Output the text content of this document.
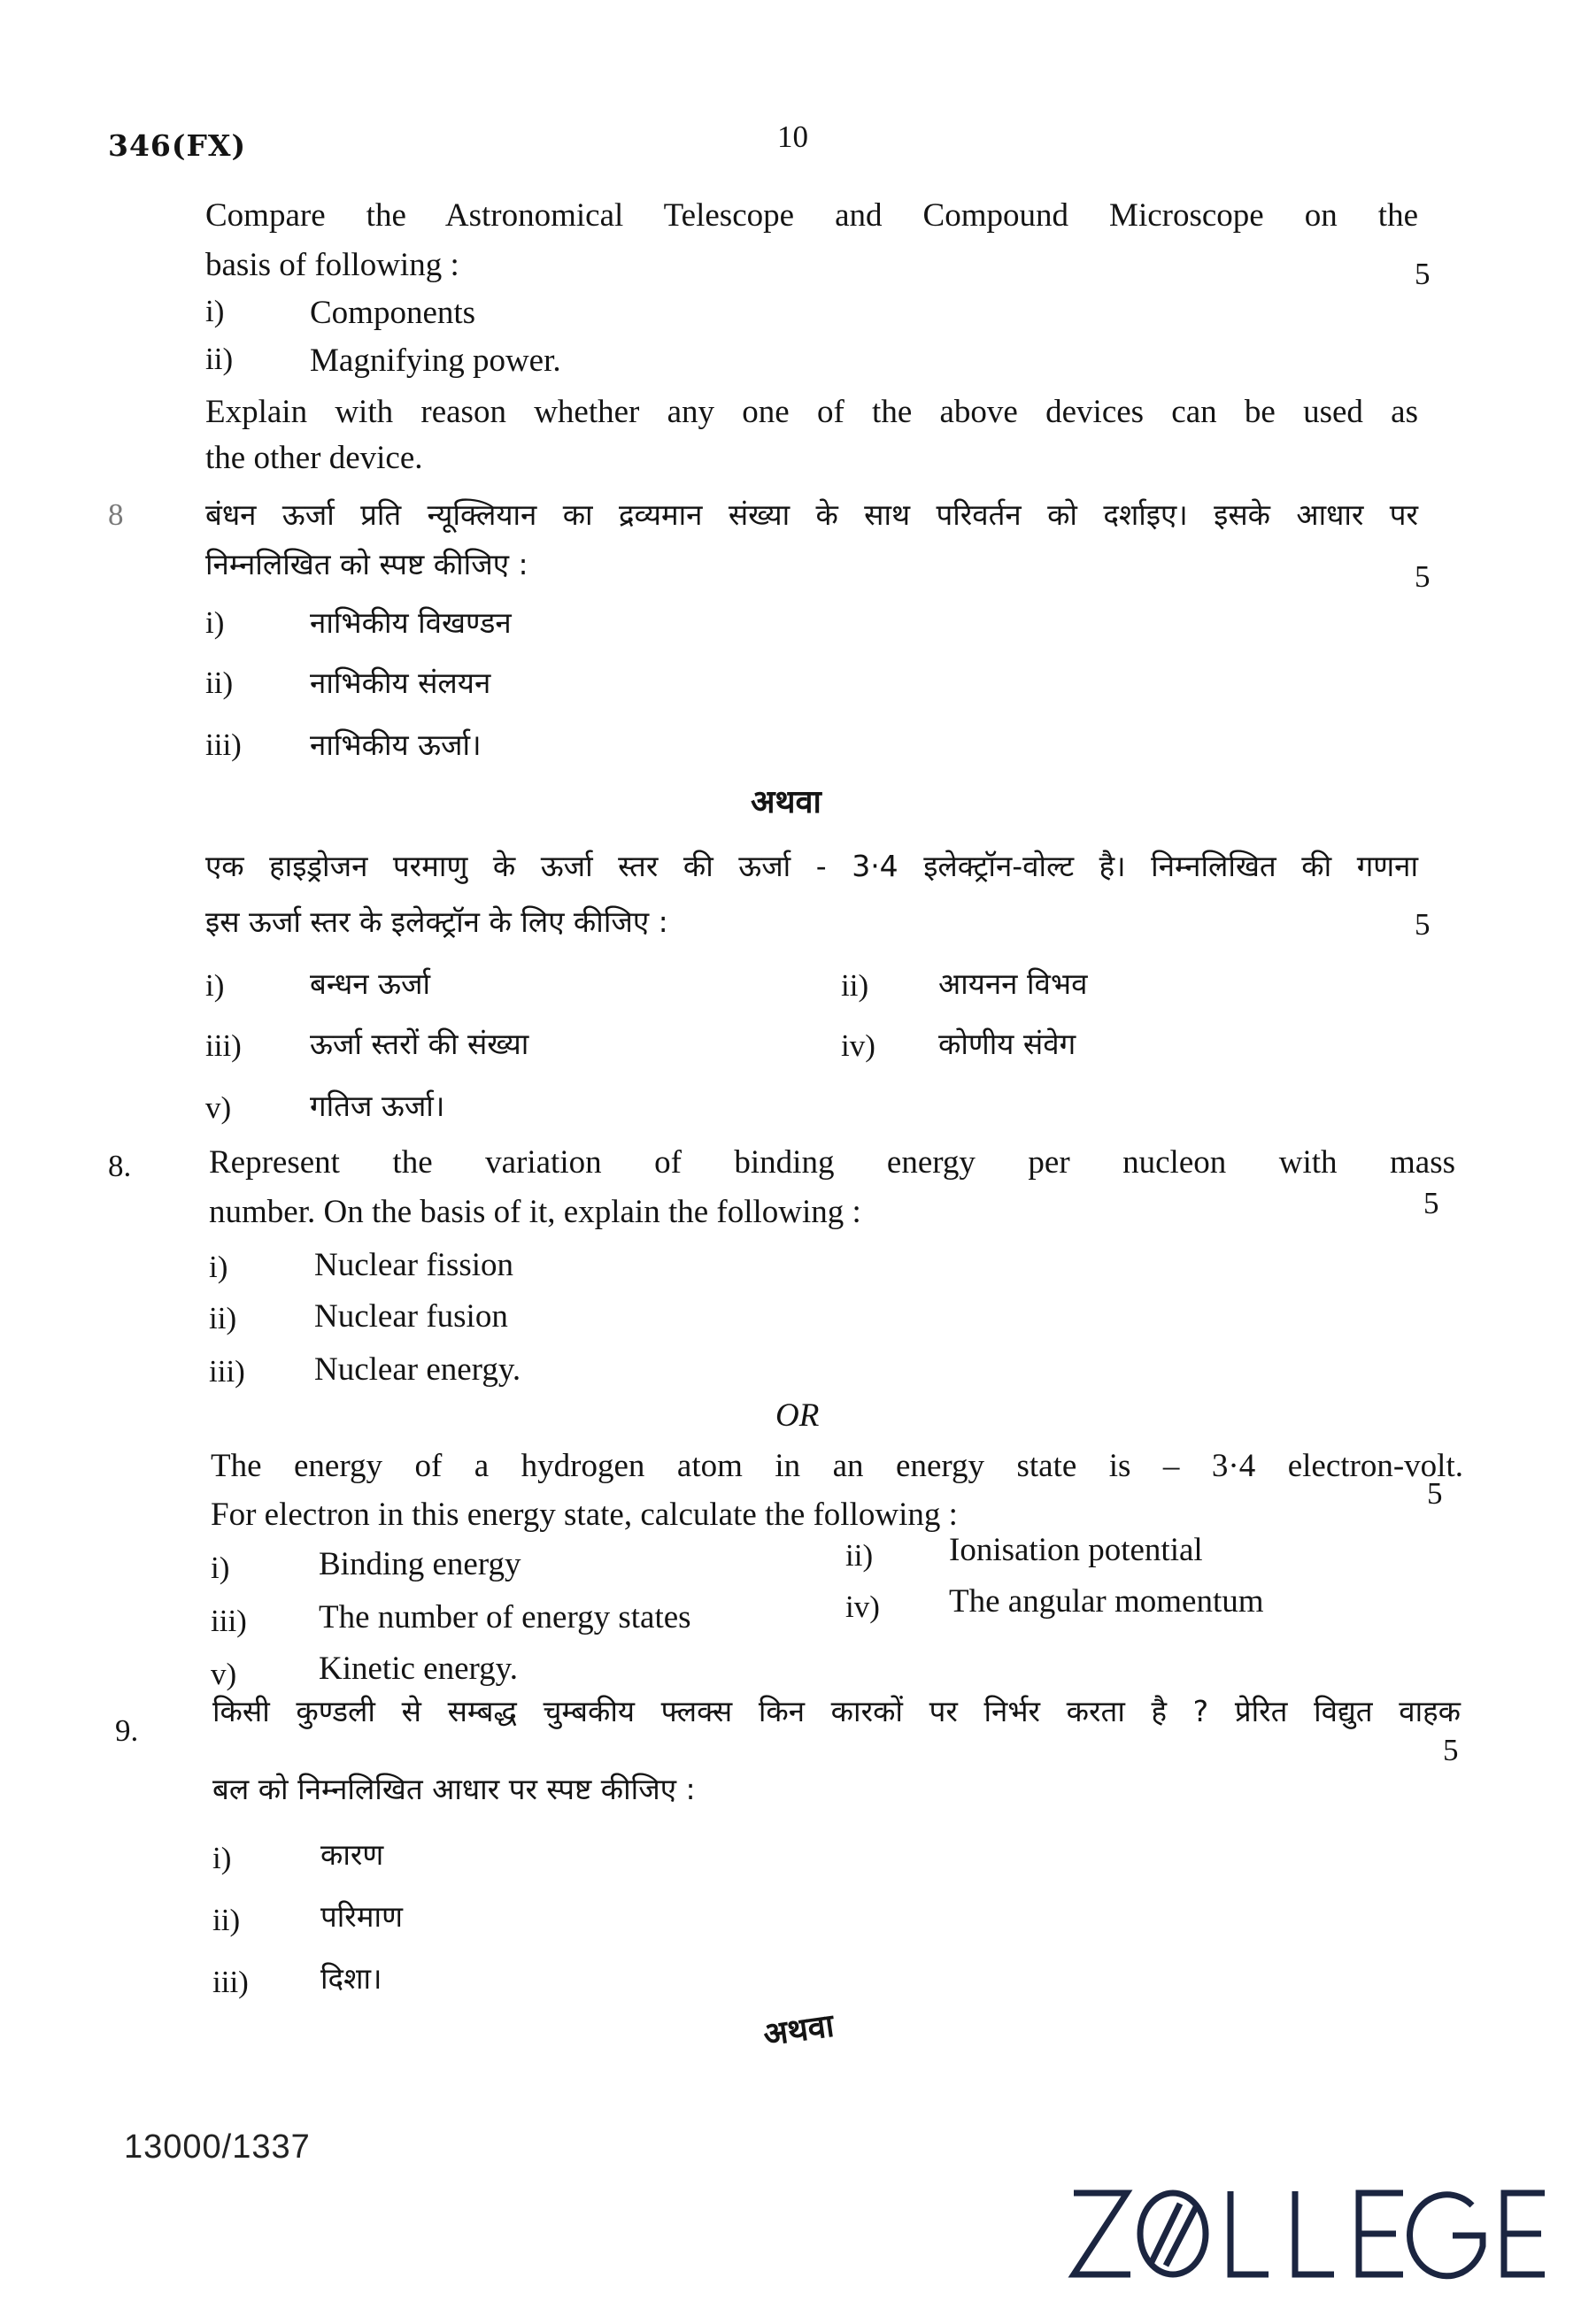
346(FX)	10
Compare the Astronomical Telescope and Compound Microscope on the
basis of following :	5
i)	Components
ii) Magnifying power.
Explain with reason whether any one of the above devices can be used as
the other device.
8	बंधन ऊर्जा प्रति न्यूक्लियान का द्रव्यमान संख्या के साथ परिवर्तन को दर्शाइए। इसके आधार पर
निम्नलिखित को स्पष्ट कीजिए :	5
i)	नाभिकीय विखण्डन
ii)	नाभिकीय संलयन
iii) नाभिकीय ऊर्जा।
अथवा
एक हाइड्रोजन परमाणु के ऊर्जा स्तर की ऊर्जा - 3·4 इलेक्ट्रॉन-वोल्ट है। निम्नलिखित की गणना
इस ऊर्जा स्तर के इलेक्ट्रॉन के लिए कीजिए :	5
i)	बन्धन ऊर्जा	ii) आयनन विभव
iii) ऊर्जा स्तरों की संख्या	iv) कोणीय संवेग
v)	गतिज ऊर्जा।
8. Represent the variation of binding energy per nucleon with mass
number. On the basis of it, explain the following :	5
i)	Nuclear fission
ii) Nuclear fusion
iii) Nuclear energy.
OR
The energy of a hydrogen atom in an energy state is – 3·4 electron-volt.
For electron in this energy state, calculate the following :
5
i)	Binding energy	ii) Ionisation potential
iii) The number of energy states	iv) The angular momentum
v)	Kinetic energy.
9.
किसी कुण्डली से सम्बद्ध चुम्बकीय फ्लक्स किन कारकों पर निर्भर करता है ? प्रेरित विद्युत वाहक
बल को निम्नलिखित आधार पर स्पष्ट कीजिए :
5
i)	कारण
ii)	परिमाण
iii) दिशा।
अथवा
13000/1337
